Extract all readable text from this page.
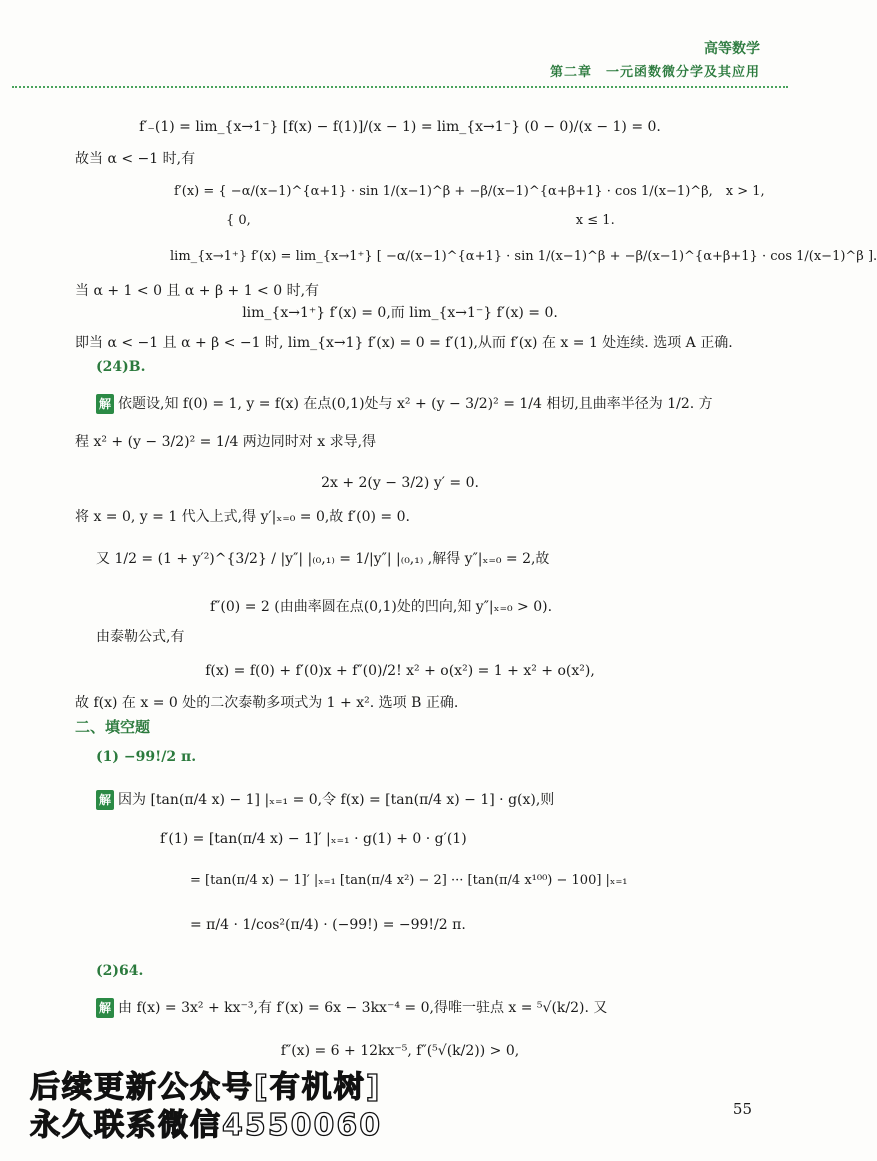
高等数学
第二章　一元函数微分学及其应用
f′₋(1) = lim_{x→1⁻} [f(x) − f(1)]/(x − 1) = lim_{x→1⁻} (0 − 0)/(x − 1) = 0.
故当 α < −1 时,有
f′(x) = { −α/(x−1)^{α+1} · sin 1/(x−1)^β + −β/(x−1)^{α+β+1} · cos 1/(x−1)^β,　x > 1,
　　　　{ 0,　　　　　　　　　　　　　　　　　　　　　　　　　x ≤ 1.
lim_{x→1⁺} f′(x) = lim_{x→1⁺} [ −α/(x−1)^{α+1} · sin 1/(x−1)^β + −β/(x−1)^{α+β+1} · cos 1/(x−1)^β ].
当 α + 1 < 0 且 α + β + 1 < 0 时,有
lim_{x→1⁺} f′(x) = 0,而 lim_{x→1⁻} f′(x) = 0.
即当 α < −1 且 α + β < −1 时, lim_{x→1} f′(x) = 0 = f′(1),从而 f′(x) 在 x = 1 处连续. 选项 A 正确.
(24)B.
解 依题设,知 f(0) = 1, y = f(x) 在点(0,1)处与 x² + (y − 3/2)² = 1/4 相切,且曲率半径为 1/2. 方
程 x² + (y − 3/2)² = 1/4 两边同时对 x 求导,得
2x + 2(y − 3/2) y′ = 0.
将 x = 0, y = 1 代入上式,得 y′|ₓ₌₀ = 0,故 f′(0) = 0.
又 1/2 = (1 + y′²)^{3/2} / |y″| |₍₀,₁₎ = 1/|y″| |₍₀,₁₎ ,解得 y″|ₓ₌₀ = 2,故
f″(0) = 2 (由曲率圆在点(0,1)处的凹向,知 y″|ₓ₌₀ > 0).
由泰勒公式,有
f(x) = f(0) + f′(0)x + f″(0)/2! x² + o(x²) = 1 + x² + o(x²),
故 f(x) 在 x = 0 处的二次泰勒多项式为 1 + x². 选项 B 正确.
二、填空题
(1) −99!/2 π.
解 因为 [tan(π/4 x) − 1] |ₓ₌₁ = 0,令 f(x) = [tan(π/4 x) − 1] · g(x),则
f′(1) = [tan(π/4 x) − 1]′ |ₓ₌₁ · g(1) + 0 · g′(1)
= [tan(π/4 x) − 1]′ |ₓ₌₁ [tan(π/4 x²) − 2] ··· [tan(π/4 x¹⁰⁰) − 100] |ₓ₌₁
= π/4 · 1/cos²(π/4) · (−99!) = −99!/2 π.
(2)64.
解 由 f(x) = 3x² + kx⁻³,有 f′(x) = 6x − 3kx⁻⁴ = 0,得唯一驻点 x = ⁵√(k/2). 又
f″(x) = 6 + 12kx⁻⁵, f″(⁵√(k/2)) > 0,
后续更新公众号[有机树]
永久联系微信4550060	55
